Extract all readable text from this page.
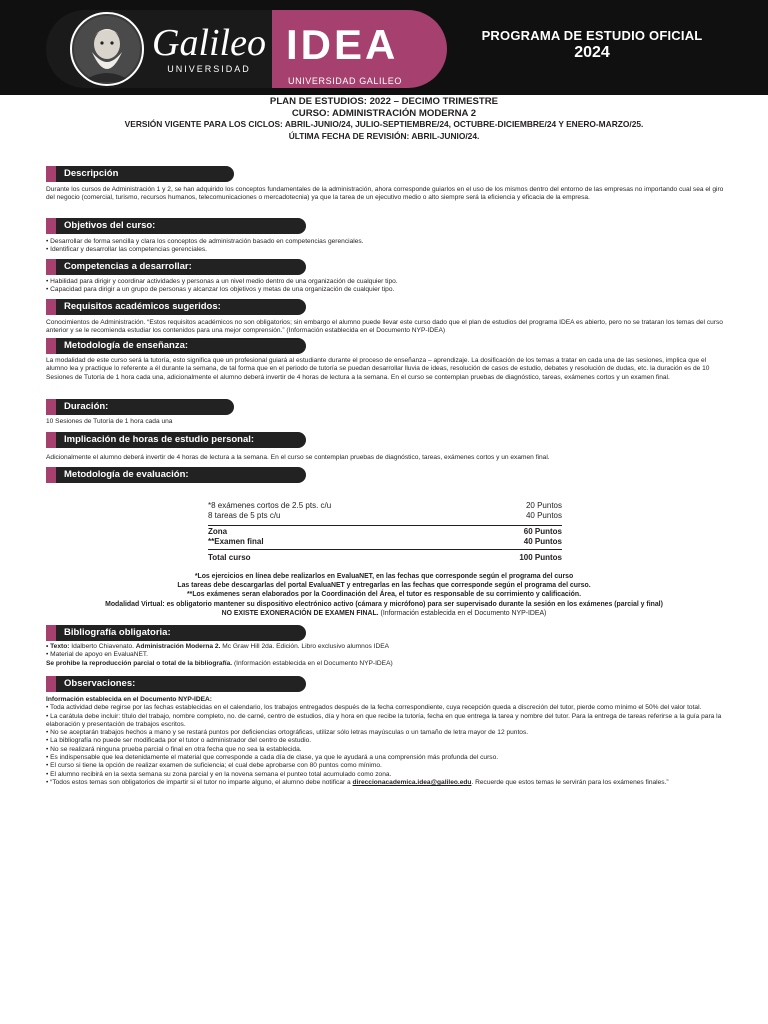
Galileo
UNIVERSIDAD
IDEA
UNIVERSIDAD GALILEO
PROGRAMA DE ESTUDIO OFICIAL
2024
PLAN DE ESTUDIOS: 2022 – DECIMO TRIMESTRE
CURSO: ADMINISTRACIÓN MODERNA 2
VERSIÓN VIGENTE PARA LOS CICLOS: ABRIL-JUNIO/24, JULIO-SEPTIEMBRE/24, OCTUBRE-DICIEMBRE/24 Y ENERO-MARZO/25.
ÚLTIMA FECHA DE REVISIÓN: ABRIL-JUNIO/24.
Descripción
Durante los cursos de Administración 1 y 2, se han adquirido los conceptos fundamentales de la administración, ahora corresponde guiarlos en el uso de los mismos dentro del entorno de las empresas no importando cual sea el giro del negocio (comercial, turismo, recursos humanos, telecomunicaciones o mercadotecnia) ya que la tarea de un ejecutivo medio o alto siempre será la eficiencia y eficacia de la empresa.
Objetivos del curso:

• Desarrollar de forma sencilla y clara los conceptos de administración basado en competencias gerenciales.

• Identificar y desarrollar las competencias gerenciales.

Competencias a desarrollar:

• Habilidad para dirigir y coordinar actividades y personas a un nivel medio dentro de una organización de cualquier tipo.

• Capacidad para dirigir a un grupo de personas y alcanzar los objetivos y metas de una organización de cualquier tipo.

Requisitos académicos sugeridos:
Conocimientos de Administración. “Estos requisitos académicos no son obligatorios; sin embargo el alumno puede llevar este curso dado que el plan de estudios del programa IDEA es abierto, pero no se trataran los temas del curso anterior y se le recomienda estudiar los contenidos para una mejor comprensión.” (Información establecida en el Documento NYP-IDEA)
Metodología de enseñanza:
La modalidad de este curso será la tutoría, esto significa que un profesional guiará al estudiante durante el proceso de enseñanza – aprendizaje. La dosificación de los temas a tratar en cada una de las sesiones, implica que el alumno lea y practique lo referente a él durante la semana, de tal forma que en el periodo de tutoría se puedan desarrollar lluvia de ideas, resolución de casos de estudio, debates y resolución de dudas, etc. la duración es de 10 Sesiones de Tutoría de 1 hora cada una, adicionalmente el alumno deberá invertir de 4 horas de lectura a la semana. En el curso se contemplan pruebas de diagnóstico, tareas, exámenes cortos y un examen final.
Duración:
10 Sesiones de Tutoría de 1 hora cada una
Implicación de horas de estudio personal:
Adicionalmente el alumno deberá invertir de 4 horas de lectura a la semana. En el curso se contemplan pruebas de diagnóstico, tareas, exámenes cortos y un examen final.
Metodología de evaluación:
*8 exámenes cortos de 2.5 pts. c/u	20 Puntos
8 tareas de 5 pts c/u	40 Puntos
Zona	60 Puntos
**Examen final	40 Puntos
Total curso	100 Puntos
*Los ejercicios en línea debe realizarlos en EvaluaNET, en las fechas que corresponde según el programa del curso
Las tareas debe descargarlas del portal EvaluaNET y entregarlas en las fechas que corresponde según el programa del curso.
**Los exámenes seran elaborados por la Coordinación del Área, el tutor es responsable de su corrimiento y calificación.
Modalidad Virtual: es obligatorio mantener su dispositivo electrónico activo (cámara y micrófono) para ser supervisado durante la sesión en los exámenes (parcial y final)
NO EXISTE EXONERACIÓN DE EXAMEN FINAL. (Información establecida en el Documento NYP-IDEA)
Bibliografía obligatoria:

• Texto: Idalberto Chiavenato. Administración Moderna 2. Mc Graw Hill 2da. Edición. Libro exclusivo alumnos IDEA

• Material de apoyo en EvaluaNET.

Se prohibe la reproducción parcial o total de la bibliografía. (Información establecida en el Documento NYP-IDEA)

Observaciones:

Información establecida en el Documento NYP-IDEA:

• Toda actividad debe regirse por las fechas establecidas en el calendario, los trabajos entregados después de la fecha correspondiente, cuya recepción queda a discreción del tutor, pierde como mínimo el 50% del valor total.

• La carátula debe incluir: título del trabajo, nombre completo, no. de carné, centro de estudios, día y hora en que recibe la tutoría, fecha en que entrega la tarea y nombre del tutor. Para la entrega de tareas referirse a la guía para la elaboración y presentación de trabajos escritos.

• No se aceptarán trabajos hechos a mano y se restará puntos por deficiencias ortográficas, utilizar sólo letras mayúsculas o un tamaño de letra mayor de 12 puntos.

• La bibliografía no puede ser modificada por el tutor o administrador del centro de estudio.

• No se realizará ninguna prueba parcial o final en otra fecha que no sea la establecida.

• Es indispensable que lea detenidamente el material que corresponde a cada día de clase, ya que le ayudará a una comprensión más profunda del curso.

• El curso si tiene la opción de realizar examen de suficiencia; el cual debe aprobarse con 80 puntos como mínimo.

• El alumno recibirá en la sexta semana su zona parcial y en la novena semana el punteo total acumulado como zona.

• “Todos estos temas son obligatorios de impartir si el tutor no imparte alguno, el alumno debe notificar a direccionacademica.idea@galileo.edu. Recuerde que estos temas le servirán para los exámenes finales.”
